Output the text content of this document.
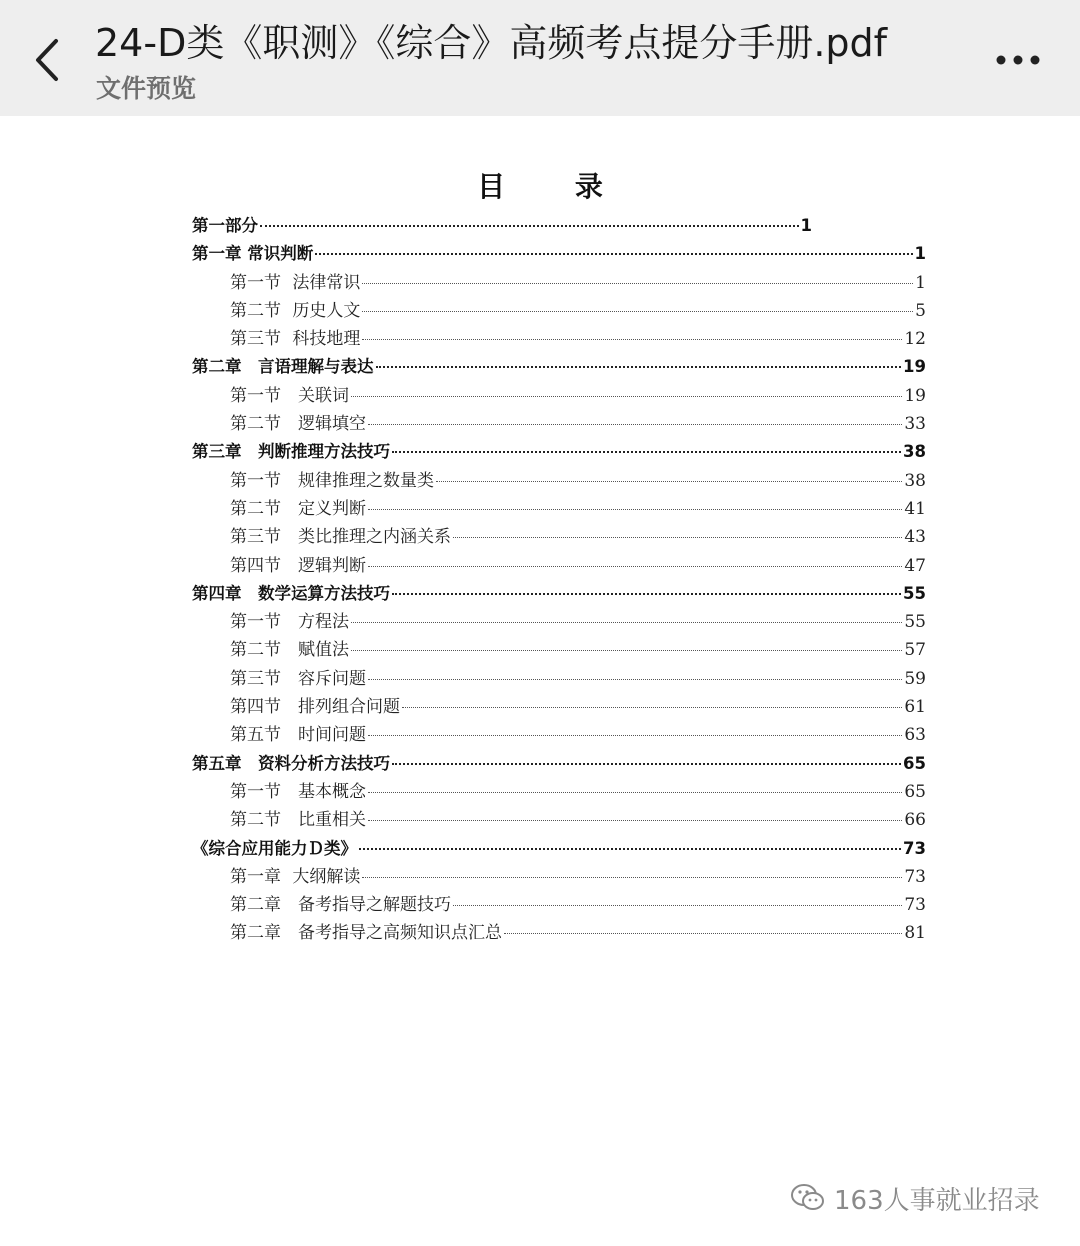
24-D类《职测》《综合》高频考点提分手册.pdf
文件预览
目 录
第一部分	1
第一章 常识判断	1
第一节 法律常识	1
第二节 历史人文	5
第三节 科技地理	12
第二章　言语理解与表达	19
第一节　关联词	19
第二节　逻辑填空	33
第三章　判断推理方法技巧	38
第一节　规律推理之数量类	38
第二节　定义判断	41
第三节　类比推理之内涵关系	43
第四节　逻辑判断	47
第四章　数学运算方法技巧	55
第一节　方程法	55
第二节　赋值法	57
第三节　容斥问题	59
第四节　排列组合问题	61
第五节　时间问题	63
第五章　资料分析方法技巧	65
第一节　基本概念	65
第二节　比重相关	66
《综合应用能力Ｄ类》	73
第一章 大纲解读	73
第二章　备考指导之解题技巧	73
第二章　备考指导之高频知识点汇总	81
163人事就业招录
